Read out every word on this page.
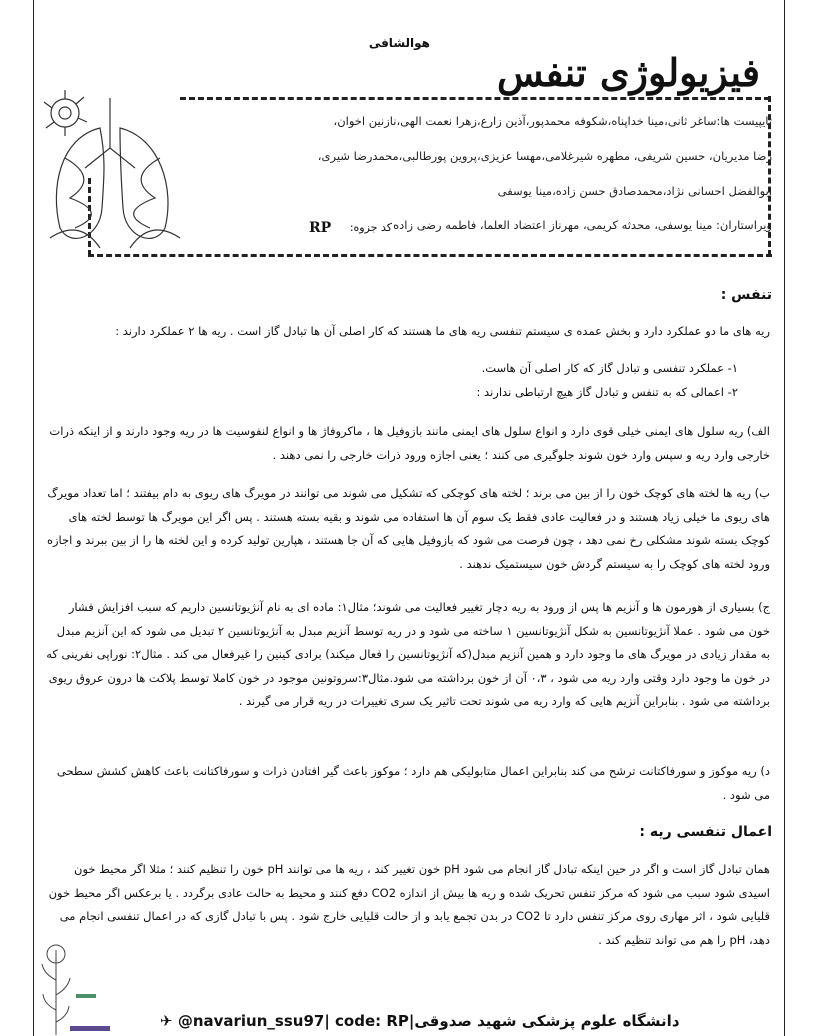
هوالشافی
فیزیولوژی تنفس
تایپیست ها:ساغر ثانی،مینا خداپناه،شکوفه محمدپور،آذین زارع،زهرا نعمت الهی،نازنین اخوان،
رضا مدیریان، حسین شریفی، مطهره شیرغلامی،مهسا عزیزی،پروین پورطالبی،محمدرضا شیری،
ابوالفضل احسانی نژاد،محمدصادق حسن زاده،مینا یوسفی
ویراستاران: مینا یوسفی، محدثه کریمی، مهرناز اعتضاد العلما، فاطمه رضی زاده
کد جزوه:
RP
تنفس :
ریه های ما دو عملکرد دارد و بخش عمده ی سیستم تنفسی ریه های ما هستند که کار اصلی آن ها تبادل گاز است . ریه ها ۲ عملکرد دارند :
۱- عملکرد تنفسی و تبادل گاز که کار اصلی آن هاست.
۲- اعمالی که به تنفس و تبادل گاز هیچ ارتباطی ندارند :
الف) ریه سلول های ایمنی خیلی قوی دارد و انواع سلول های ایمنی مانند بازوفیل ها ، ماکروفاژ ها و انواع لنفوسیت ها در ریه وجود دارند و از اینکه ذرات خارجی وارد ریه و سپس وارد خون شوند جلوگیری می کنند ؛ یعنی اجازه ورود ذرات خارجی را نمی دهند .
ب) ریه ها لخته های کوچک خون را از بین می برند ؛ لخته های کوچکی که تشکیل می شوند می توانند در مویرگ های ریوی به دام بیفتند ؛ اما تعداد مویرگ های ریوی ما خیلی زیاد هستند و در فعالیت عادی فقط یک سوم آن ها استفاده می شوند و بقیه بسته هستند . پس اگر این مویرگ ها توسط لخته های کوچک بسته شوند مشکلی رخ نمی دهد ، چون فرصت می شود که بازوفیل هایی که آن جا هستند ، هپارین تولید کرده و این لخته ها را از بین ببرند و اجازه ورود لخته های کوچک را به سیستم گردش خون سیستمیک ندهند .
ج) بسیاری از هورمون ها و آنزیم ها پس از ورود به ریه دچار تغییر فعالیت می شوند؛ مثال۱: ماده ای به نام آنژیوتانسین داریم که سبب افزایش فشار خون می شود . عملا آنژیوتانسین به شکل آنژیوتانسین ۱ ساخته می شود و در ریه توسط آنزیم مبدل به آنژیوتانسین ۲ تبدیل می شود که این آنزیم مبدل به مقدار زیادی در مویرگ های ما وجود دارد و همین آنزیم مبدل(که آنژیوتانسین را فعال میکند) برادی کینین را غیرفعال می کند . مثال۲: نوراپی نفرینی که در خون ما وجود دارد وقتی وارد ریه می شود ، ۰،۳ آن از خون برداشته می شود.مثال۳:سروتونین موجود در خون کاملا توسط پلاکت ها درون عروق ریوی برداشته می شود . بنابراین آنزیم هایی که وارد ریه می شوند تحت تاثیر یک سری تغییرات در ریه قرار می گیرند .
د) ریه موکوز و سورفاکتانت ترشح می کند بنابراین اعمال متابولیکی هم دارد ؛ موکوز باعث گیر افتادن ذرات و سورفاکتانت باعث کاهش کشش سطحی می شود .
اعمال تنفسی ریه :
همان تبادل گاز است و اگر در حین اینکه تبادل گاز انجام می شود pH خون تغییر کند ، ریه ها می توانند pH خون را تنظیم کنند ؛ مثلا اگر محیط خون اسیدی شود سبب می شود که مرکز تنفس تحریک شده و ریه ها بیش از اندازه CO2 دفع کنند و محیط به حالت عادی برگردد . یا برعکس اگر محیط خون قلیایی شود ، اثر مهاری روی مرکز تنفس دارد تا CO2 در بدن تجمع یابد و از حالت قلیایی خارج شود . پس با تبادل گازی که در اعمال تنفسی انجام می دهد، pH را هم می تواند تنظیم کند .
✈ @navariun_ssu97| code: RP|دانشگاه علوم پزشکی شهید صدوقی
